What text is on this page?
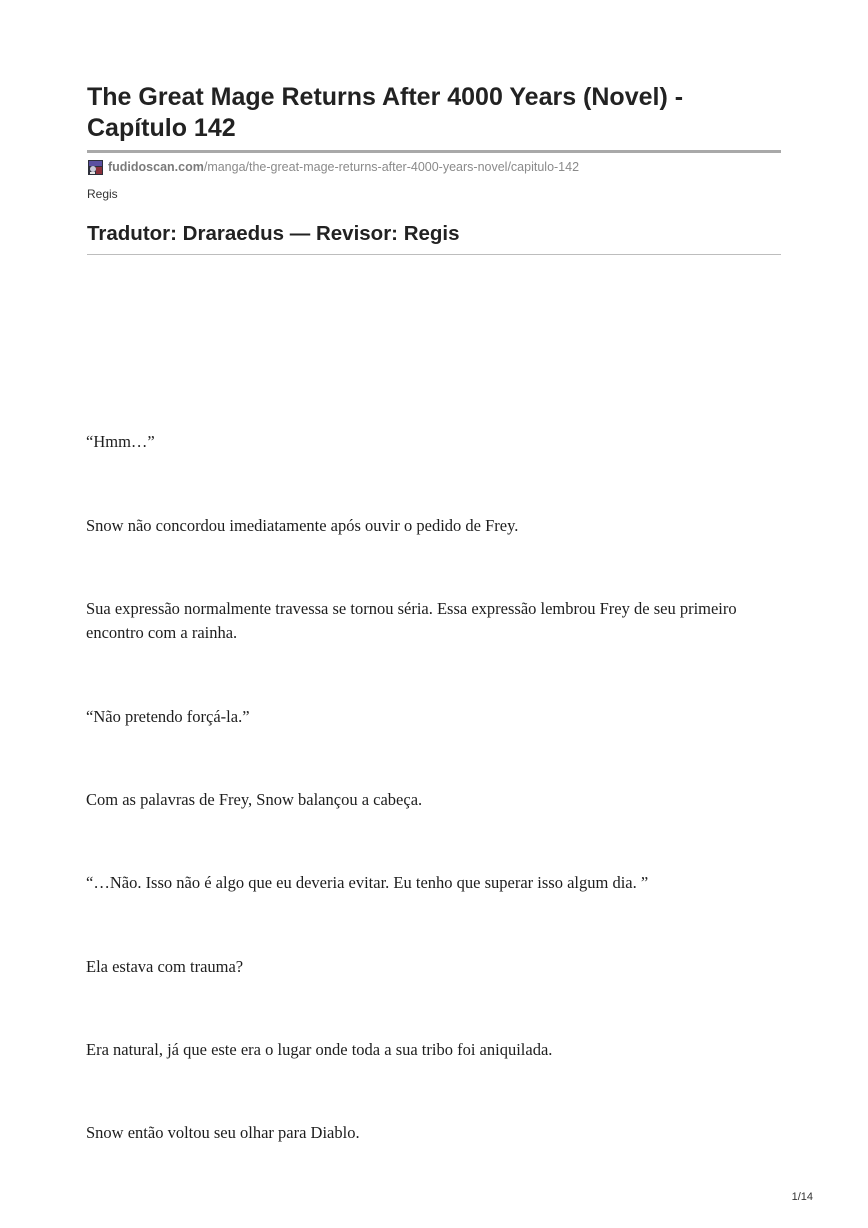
The Great Mage Returns After 4000 Years (Novel) - Capítulo 142
fudidoscan.com /manga/the-great-mage-returns-after-4000-years-novel/capitulo-142
Regis
Tradutor: Draraedus — Revisor: Regis

“Hmm…”

Snow não concordou imediatamente após ouvir o pedido de Frey.

Sua expressão normalmente travessa se tornou séria. Essa expressão lembrou Frey de seu primeiro encontro com a rainha.

“Não pretendo forçá-la.”

Com as palavras de Frey, Snow balançou a cabeça.

“…Não. Isso não é algo que eu deveria evitar. Eu tenho que superar isso algum dia. ”

Ela estava com trauma?

Era natural, já que este era o lugar onde toda a sua tribo foi aniquilada.

Snow então voltou seu olhar para Diablo.

1/14
